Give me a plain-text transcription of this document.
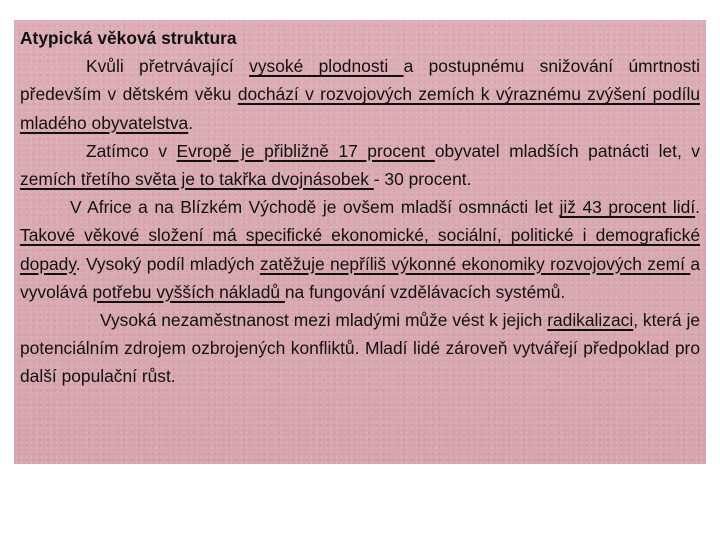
Atypická věková struktura

Kvůli přetrvávající vysoké plodnosti a postupnému snižování úmrtnosti především v dětském věku dochází v rozvojových zemích k výraznému zvýšení podílu mladého obyvatelstva.

Zatímco v Evropě je přibližně 17 procent obyvatel mladších patnácti let, v zemích třetího světa je to takřka dvojnásobek - 30 procent.

V Africe a na Blízkém Východě je ovšem mladší osmnácti let již 43 procent lidí. Takové věkové složení má specifické ekonomické, sociální, politické i demografické dopady. Vysoký podíl mladých zatěžuje nepříliš výkonné ekonomiky rozvojových zemí a vyvolává potřebu vyšších nákladů na fungování vzdělávacích systémů.

Vysoká nezaměstnanost mezi mladými může vést k jejich radikalizaci, která je potenciálním zdrojem ozbrojených konfliktů. Mladí lidé zároveň vytvářejí předpoklad pro další populační růst.
